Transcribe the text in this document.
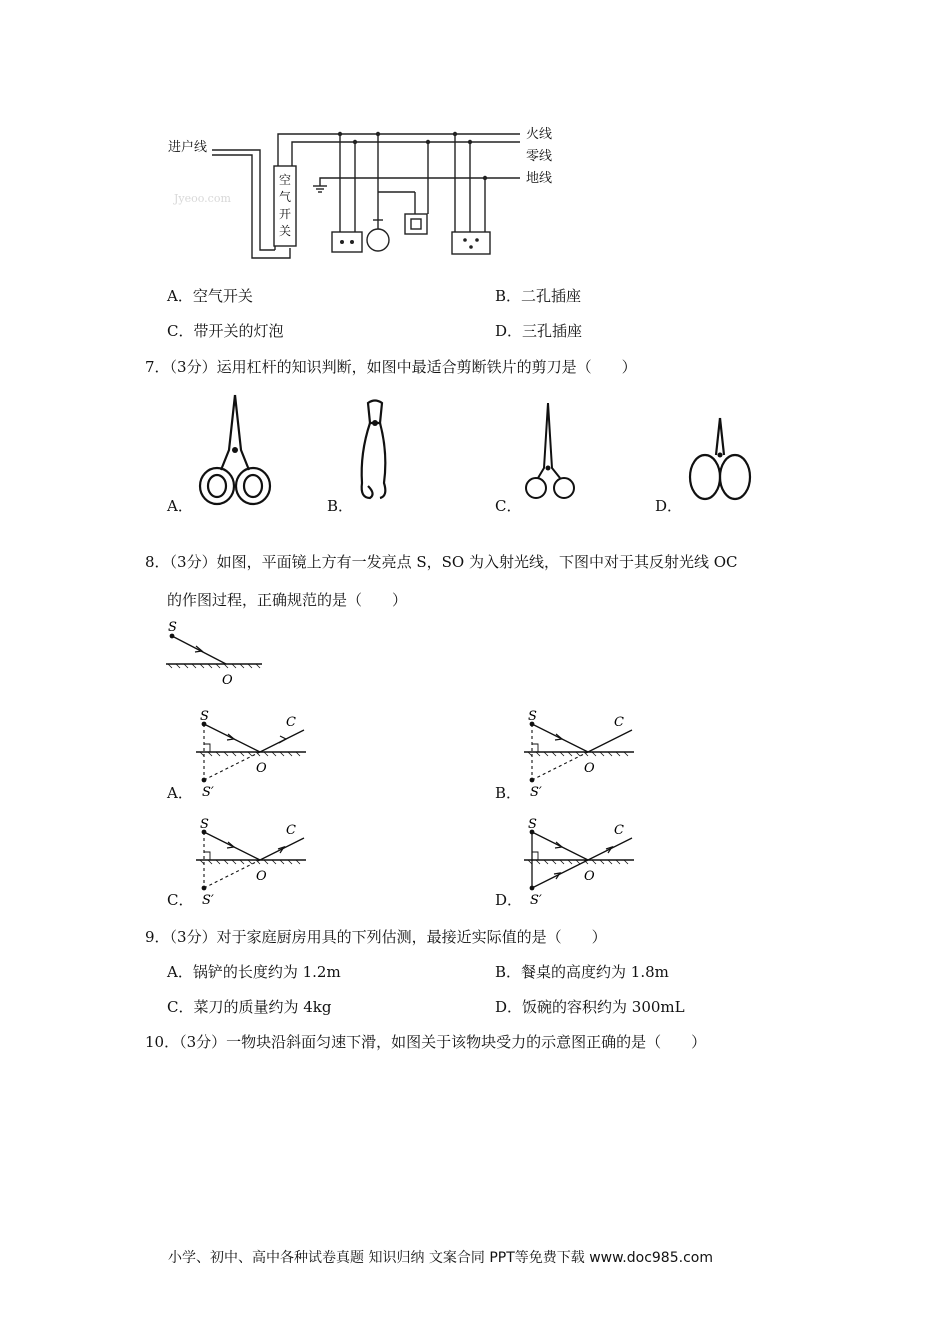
进户线
火线
零线
地线
空
气
开
关
Jyeoo.com
A．空气开关	B．二孔插座
C．带开关的灯泡	D．三孔插座
7．（3分）运用杠杆的知识判断，如图中最适合剪断铁片的剪刀是（　　）
A．	B．	C．	D．
8．（3分）如图，平面镜上方有一发亮点 S，SO 为入射光线，下图中对于其反射光线 OC
的作图过程，正确规范的是（　　）
S
O
A．
S	C
O
S′	B．
S	C
O
S′
C．
S	C
O
S′	D．
S	C
O
S′
9．（3分）对于家庭厨房用具的下列估测，最接近实际值的是（　　）
A．锅铲的长度约为 1.2m	B．餐桌的高度约为 1.8m
C．菜刀的质量约为 4kg	D．饭碗的容积约为 300mL
10．（3分）一物块沿斜面匀速下滑，如图关于该物块受力的示意图正确的是（　　）
小学、初中、高中各种试卷真题 知识归纳 文案合同 PPT等免费下载 www.doc985.com
